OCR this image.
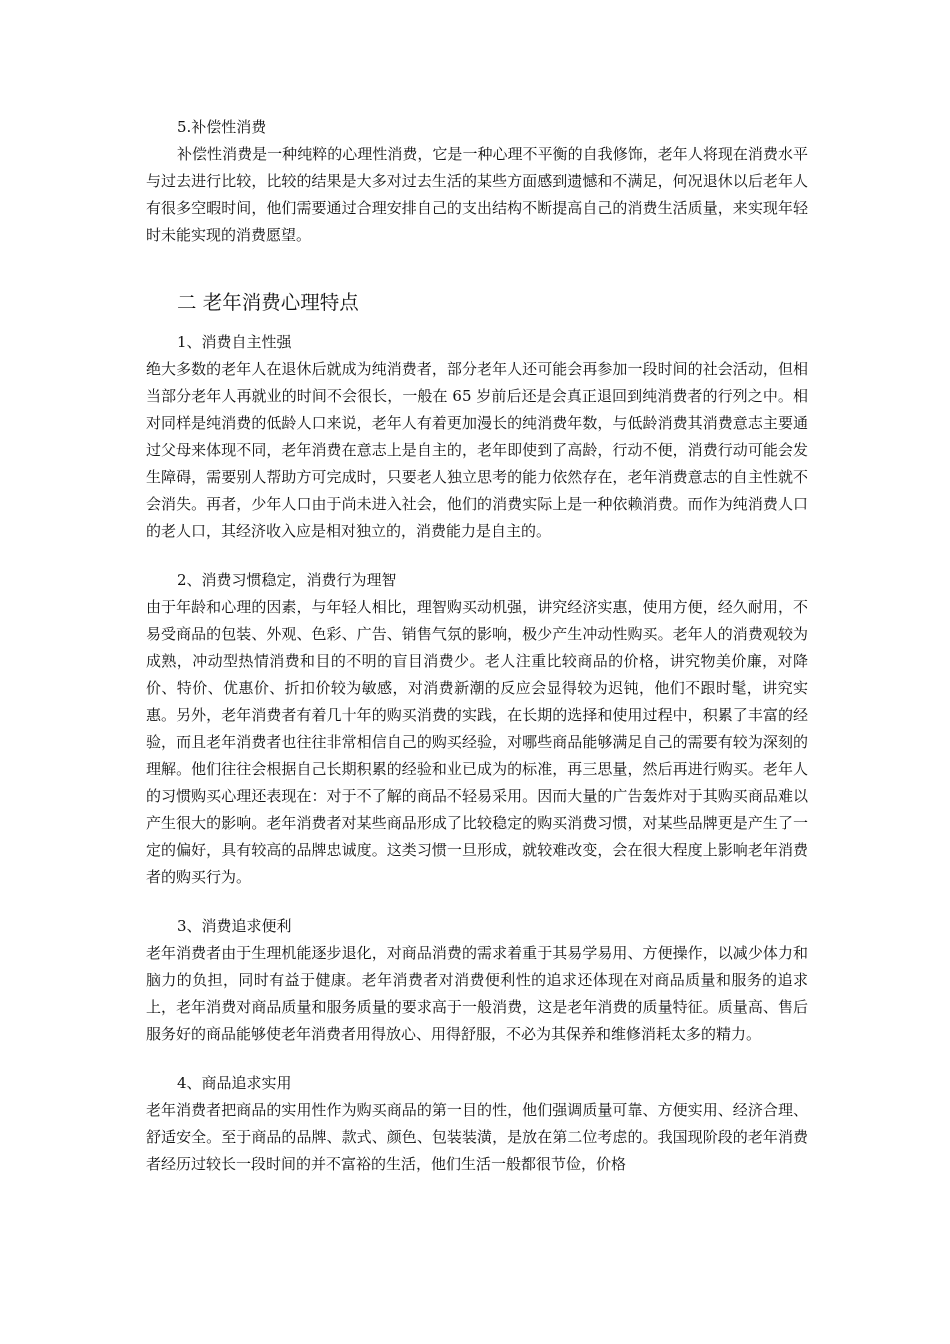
5.补偿性消费

补偿性消费是一种纯粹的心理性消费，它是一种心理不平衡的自我修饰，老年人将现在消费水平与过去进行比较，比较的结果是大多对过去生活的某些方面感到遗憾和不满足，何况退休以后老年人有很多空暇时间，他们需要通过合理安排自己的支出结构不断提高自己的消费生活质量，来实现年轻时未能实现的消费愿望。

二 老年消费心理特点

1、消费自主性强

绝大多数的老年人在退休后就成为纯消费者，部分老年人还可能会再参加一段时间的社会活动，但相当部分老年人再就业的时间不会很长，一般在 65 岁前后还是会真正退回到纯消费者的行列之中。相对同样是纯消费的低龄人口来说，老年人有着更加漫长的纯消费年数，与低龄消费其消费意志主要通过父母来体现不同，老年消费在意志上是自主的，老年即使到了高龄，行动不便，消费行动可能会发生障碍，需要别人帮助方可完成时，只要老人独立思考的能力依然存在，老年消费意志的自主性就不会消失。再者，少年人口由于尚未进入社会，他们的消费实际上是一种依赖消费。而作为纯消费人口的老人口，其经济收入应是相对独立的，消费能力是自主的。

2、消费习惯稳定，消费行为理智

由于年龄和心理的因素，与年轻人相比，理智购买动机强，讲究经济实惠，使用方便，经久耐用，不易受商品的包装、外观、色彩、广告、销售气氛的影响，极少产生冲动性购买。老年人的消费观较为成熟，冲动型热情消费和目的不明的盲目消费少。老人注重比较商品的价格，讲究物美价廉，对降价、特价、优惠价、折扣价较为敏感，对消费新潮的反应会显得较为迟钝，他们不跟时髦，讲究实惠。另外，老年消费者有着几十年的购买消费的实践，在长期的选择和使用过程中，积累了丰富的经验，而且老年消费者也往往非常相信自己的购买经验，对哪些商品能够满足自己的需要有较为深刻的理解。他们往往会根据自己长期积累的经验和业已成为的标准，再三思量，然后再进行购买。老年人的习惯购买心理还表现在：对于不了解的商品不轻易采用。因而大量的广告轰炸对于其购买商品难以产生很大的影响。老年消费者对某些商品形成了比较稳定的购买消费习惯，对某些品牌更是产生了一定的偏好，具有较高的品牌忠诚度。这类习惯一旦形成，就较难改变，会在很大程度上影响老年消费者的购买行为。

3、消费追求便利

老年消费者由于生理机能逐步退化，对商品消费的需求着重于其易学易用、方便操作，以减少体力和脑力的负担，同时有益于健康。老年消费者对消费便利性的追求还体现在对商品质量和服务的追求上，老年消费对商品质量和服务质量的要求高于一般消费，这是老年消费的质量特征。质量高、售后服务好的商品能够使老年消费者用得放心、用得舒服，不必为其保养和维修消耗太多的精力。

4、商品追求实用

老年消费者把商品的实用性作为购买商品的第一目的性，他们强调质量可靠、方便实用、经济合理、舒适安全。至于商品的品牌、款式、颜色、包装装潢，是放在第二位考虑的。我国现阶段的老年消费者经历过较长一段时间的并不富裕的生活，他们生活一般都很节俭，价格
